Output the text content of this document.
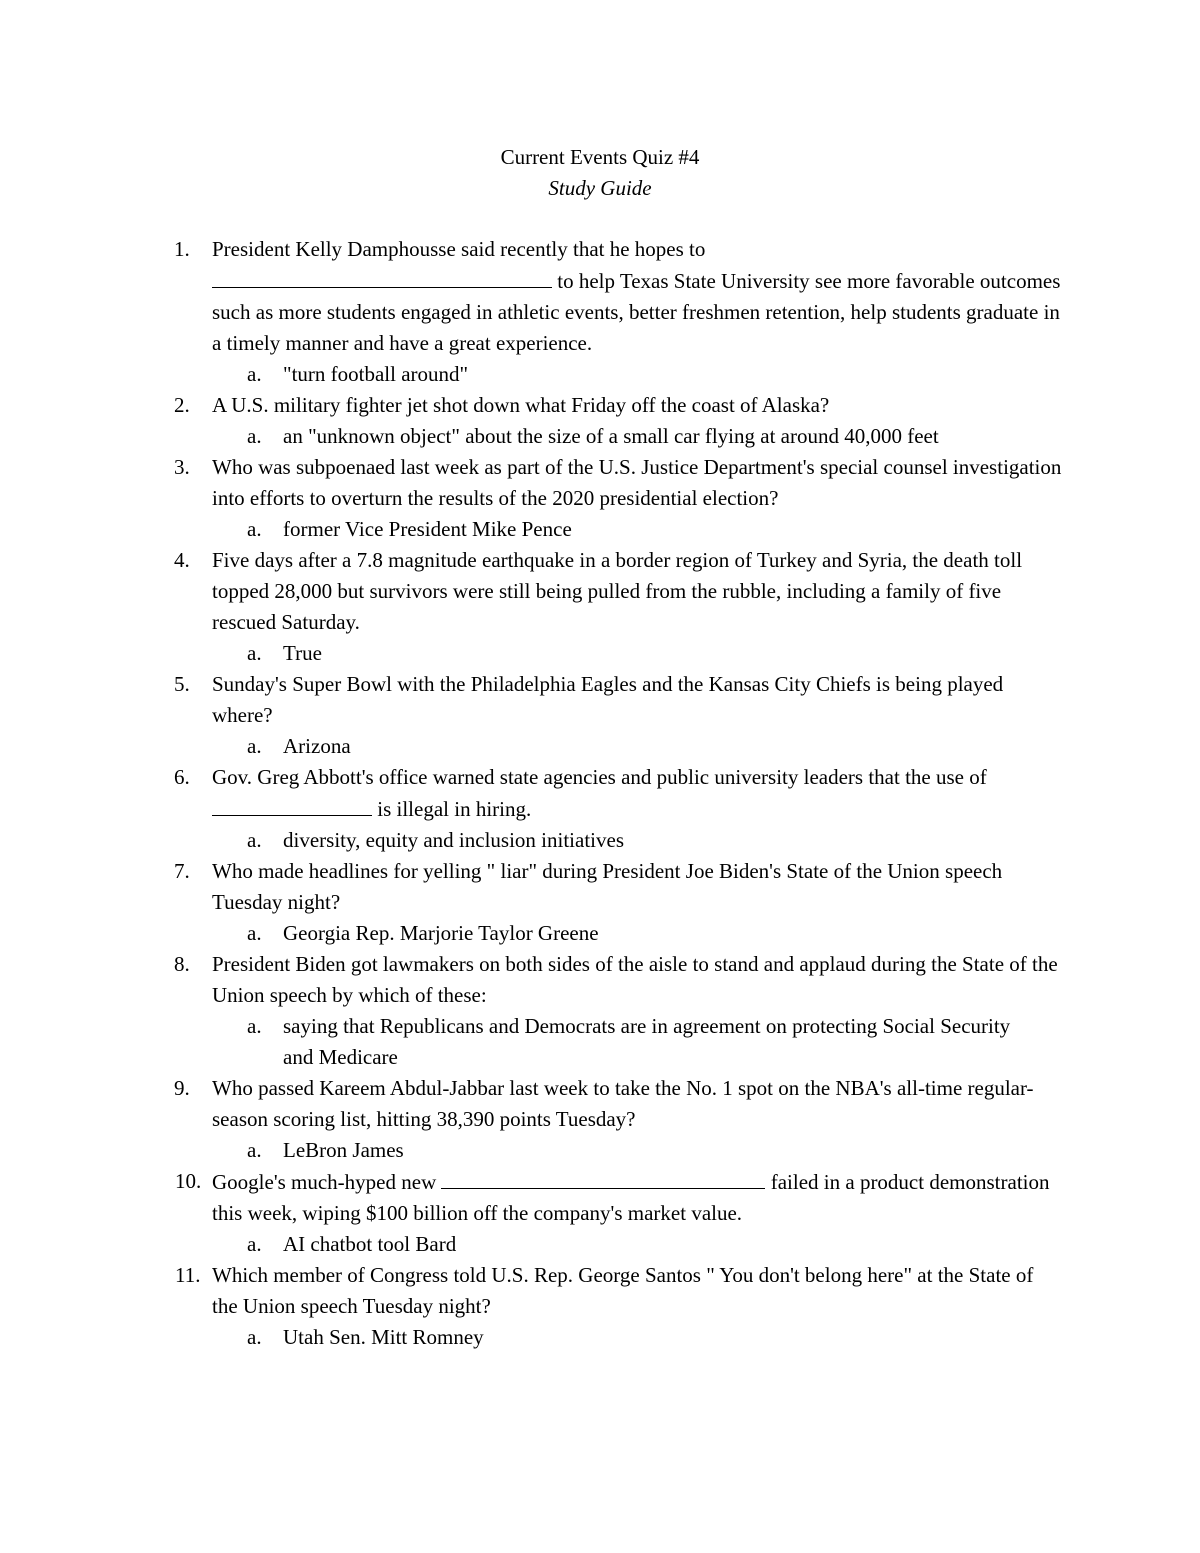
Current Events Quiz #4
Study Guide
1.	President Kelly Damphousse said recently that he hopes to
to help Texas State University see more favorable outcomes such as more students engaged in athletic events, better freshmen retention, help students graduate in a timely manner and have a great experience.
a. "turn football around"
2.	A U.S. military fighter jet shot down what Friday off the coast of Alaska?
a. an "unknown object" about the size of a small car flying at around 40,000 feet
3.	Who was subpoenaed last week as part of the U.S. Justice Department's special counsel investigation into efforts to overturn the results of the 2020 presidential election?
a. former Vice President Mike Pence
4.	Five days after a 7.8 magnitude earthquake in a border region of Turkey and Syria, the death toll topped 28,000 but survivors were still being pulled from the rubble, including a family of five rescued Saturday.
a. True
5.	Sunday's Super Bowl with the Philadelphia Eagles and the Kansas City Chiefs is being played where?
a. Arizona
6.	Gov. Greg Abbott's office warned state agencies and public university leaders that the use of  is illegal in hiring.
a. diversity, equity and inclusion initiatives
7.	Who made headlines for yelling " liar" during President Joe Biden's State of the Union speech Tuesday night?
a. Georgia Rep. Marjorie Taylor Greene
8.	President Biden got lawmakers on both sides of the aisle to stand and applaud during the State of the Union speech by which of these:
a. saying that Republicans and Democrats are in agreement on protecting Social Security and Medicare
9.	Who passed Kareem Abdul-Jabbar last week to take the No. 1 spot on the NBA's all-time regular-season scoring list, hitting 38,390 points Tuesday?
a. LeBron James
10. Google's much-hyped new	failed in a product demonstration this week, wiping $100 billion off the company's market value.
a. AI chatbot tool Bard
11. Which member of Congress told U.S. Rep. George Santos " You don't belong here" at the State of the Union speech Tuesday night?
a. Utah Sen. Mitt Romney
